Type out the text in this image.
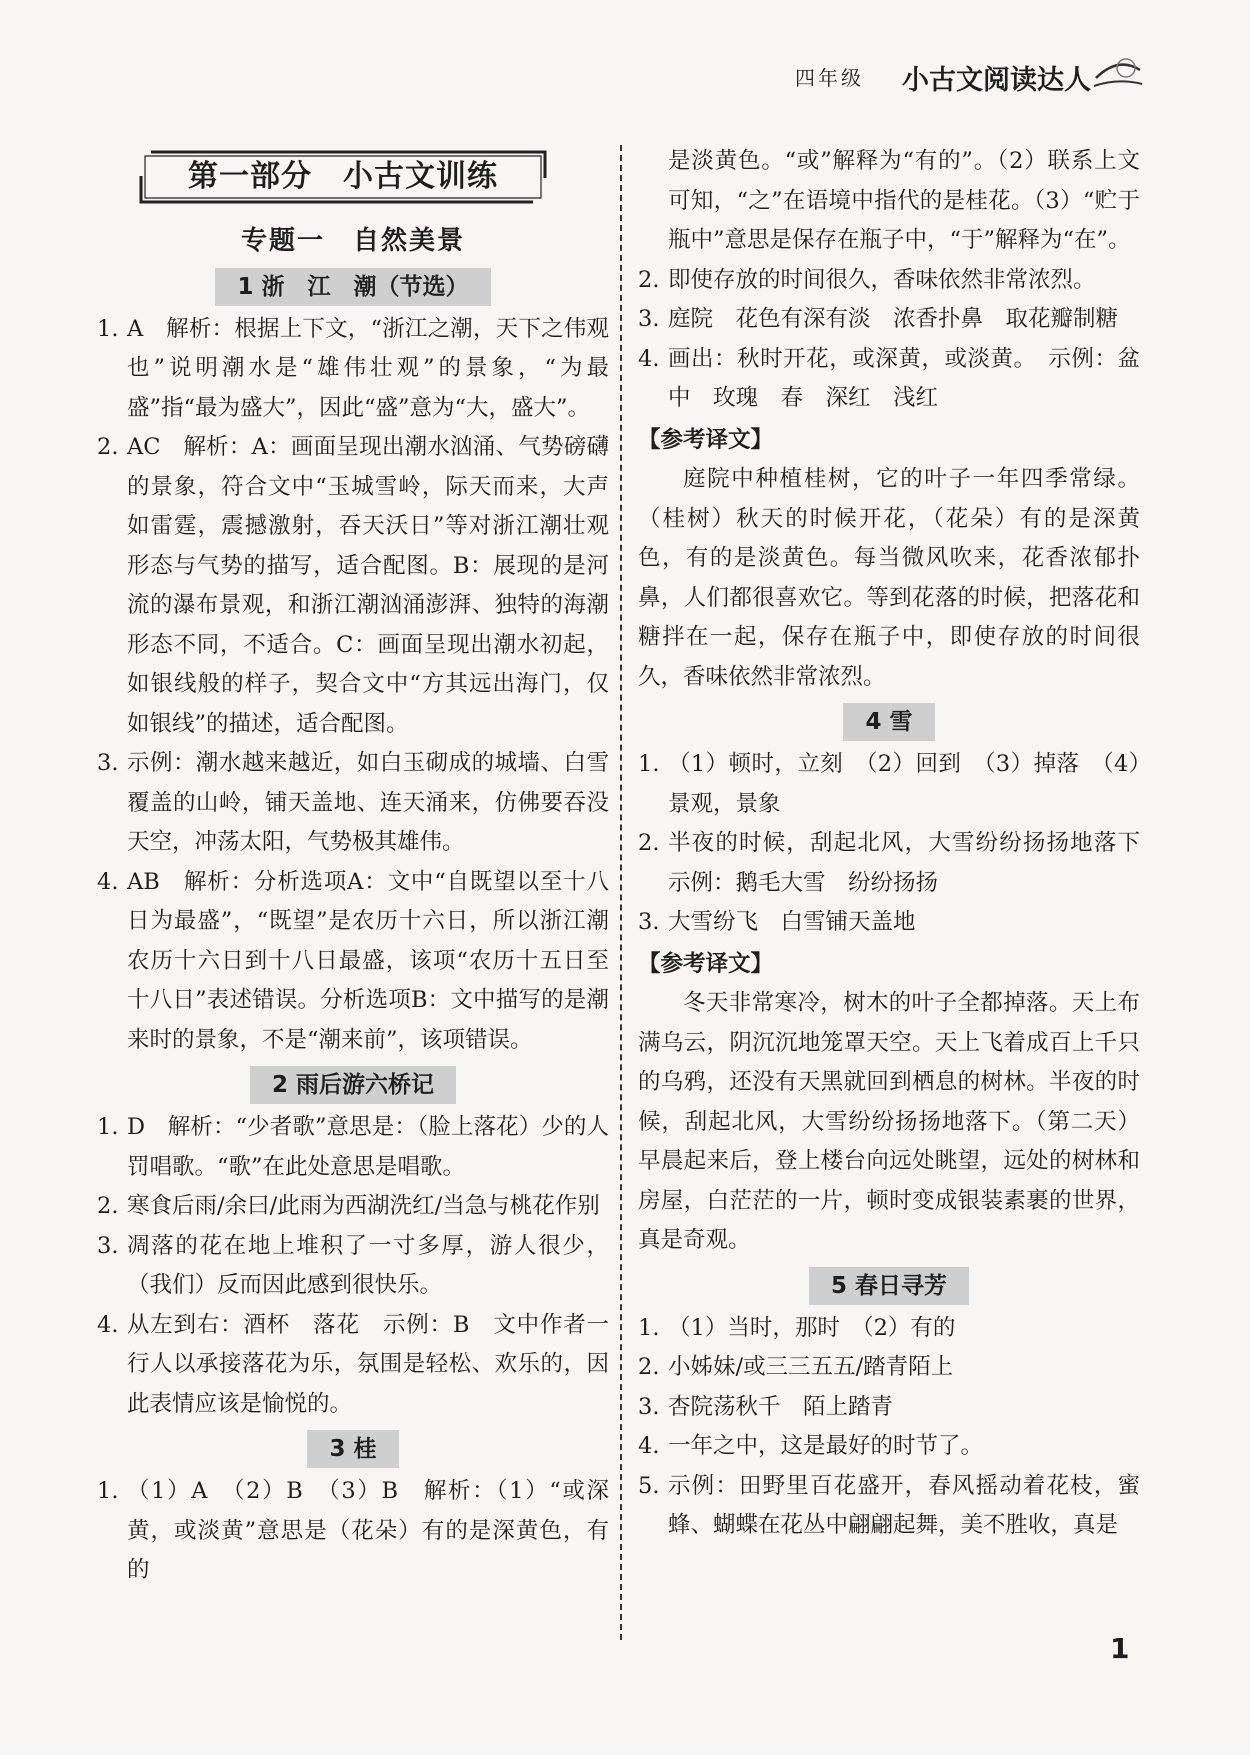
四年级 小古文阅读达人
第一部分　小古文训练
专题一　自然美景
1 浙　江　潮（节选）
1. A　解析：根据上下文，“浙江之潮，天下之伟观也”说明潮水是“雄伟壮观”的景象，“为最盛”指“最为盛大”，因此“盛”意为“大，盛大”。
2. AC　解析：A：画面呈现出潮水汹涌、气势磅礴的景象，符合文中“玉城雪岭，际天而来，大声如雷霆，震撼激射，吞天沃日”等对浙江潮壮观形态与气势的描写，适合配图。B：展现的是河流的瀑布景观，和浙江潮汹涌澎湃、独特的海潮形态不同，不适合。C：画面呈现出潮水初起，如银线般的样子，契合文中“方其远出海门，仅如银线”的描述，适合配图。
3. 示例：潮水越来越近，如白玉砌成的城墙、白雪覆盖的山岭，铺天盖地、连天涌来，仿佛要吞没天空，冲荡太阳，气势极其雄伟。
4. AB　解析：分析选项A：文中“自既望以至十八日为最盛”，“既望”是农历十六日，所以浙江潮农历十六日到十八日最盛，该项“农历十五日至十八日”表述错误。分析选项B：文中描写的是潮来时的景象，不是“潮来前”，该项错误。
2 雨后游六桥记
1. D　解析：“少者歌”意思是：（脸上落花）少的人罚唱歌。“歌”在此处意思是唱歌。
2. 寒食后雨/余曰/此雨为西湖洗红/当急与桃花作别
3. 凋落的花在地上堆积了一寸多厚，游人很少，（我们）反而因此感到很快乐。
4. 从左到右：酒杯　落花　示例：B　文中作者一行人以承接落花为乐，氛围是轻松、欢乐的，因此表情应该是愉悦的。
3 桂
1. （1）A　（2）B　（3）B　解析：（1）“或深黄，或淡黄”意思是（花朵）有的是深黄色，有的
是淡黄色。“或”解释为“有的”。（2）联系上文可知，“之”在语境中指代的是桂花。（3）“贮于瓶中”意思是保存在瓶子中，“于”解释为“在”。
2. 即使存放的时间很久，香味依然非常浓烈。
3. 庭院　花色有深有淡　浓香扑鼻　取花瓣制糖
4. 画出：秋时开花，或深黄，或淡黄。　示例：盆中　玫瑰　春　深红　浅红
【参考译文】
庭院中种植桂树，它的叶子一年四季常绿。（桂树）秋天的时候开花，（花朵）有的是深黄色，有的是淡黄色。每当微风吹来，花香浓郁扑鼻，人们都很喜欢它。等到花落的时候，把落花和糖拌在一起，保存在瓶子中，即使存放的时间很久，香味依然非常浓烈。
4 雪
1. （1）顿时，立刻　（2）回到　（3）掉落　（4）景观，景象
2. 半夜的时候，刮起北风，大雪纷纷扬扬地落下　示例：鹅毛大雪　纷纷扬扬
3. 大雪纷飞　白雪铺天盖地
【参考译文】
冬天非常寒冷，树木的叶子全都掉落。天上布满乌云，阴沉沉地笼罩天空。天上飞着成百上千只的乌鸦，还没有天黑就回到栖息的树林。半夜的时候，刮起北风，大雪纷纷扬扬地落下。（第二天）早晨起来后，登上楼台向远处眺望，远处的树林和房屋，白茫茫的一片，顿时变成银装素裹的世界，真是奇观。
5 春日寻芳
1. （1）当时，那时　（2）有的
2. 小姊妹/或三三五五/踏青陌上
3. 杏院荡秋千　陌上踏青
4. 一年之中，这是最好的时节了。
5. 示例：田野里百花盛开，春风摇动着花枝，蜜蜂、蝴蝶在花丛中翩翩起舞，美不胜收，真是
1
